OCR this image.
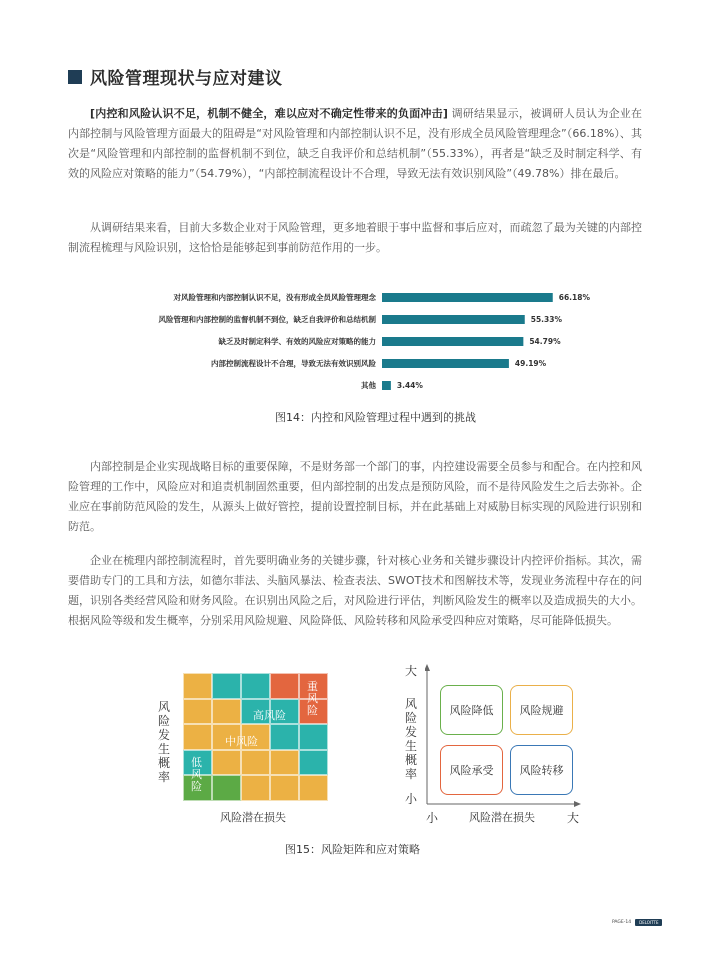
风险管理现状与应对建议

[内控和风险认识不足，机制不健全，难以应对不确定性带来的负面冲击] 调研结果显示，被调研人员认为企业在内部控制与风险管理方面最大的阻碍是“对风险管理和内部控制认识不足，没有形成全员风险管理理念”（66.18%）、其次是“风险管理和内部控制的监督机制不到位，缺乏自我评价和总结机制”（55.33%），再者是“缺乏及时制定科学、有效的风险应对策略的能力”（54.79%），“内部控制流程设计不合理，导致无法有效识别风险”（49.78%）排在最后。

从调研结果来看，目前大多数企业对于风险管理，更多地着眼于事中监督和事后应对，而疏忽了最为关键的内部控制流程梳理与风险识别，这恰恰是能够起到事前防范作用的一步。

对风险管理和内部控制认识不足，没有形成全员风险管理理念	66.18%
风险管理和内部控制的监督机制不到位，缺乏自我评价和总结机制	55.33%
缺乏及时制定科学、有效的风险应对策略的能力	54.79%
内部控制流程设计不合理，导致无法有效识别风险	49.19%
其他	3.44%
图14：内控和风险管理过程中遇到的挑战

内部控制是企业实现战略目标的重要保障，不是财务部一个部门的事，内控建设需要全员参与和配合。在内控和风险管理的工作中，风险应对和追责机制固然重要，但内部控制的出发点是预防风险，而不是待风险发生之后去弥补。企业应在事前防范风险的发生，从源头上做好管控，提前设置控制目标，并在此基础上对威胁目标实现的风险进行识别和防范。

企业在梳理内部控制流程时，首先要明确业务的关键步骤，针对核心业务和关键步骤设计内控评价指标。其次，需要借助专门的工具和方法，如德尔菲法、头脑风暴法、检查表法、SWOT技术和图解技术等，发现业务流程中存在的问题，识别各类经营风险和财务风险。在识别出风险之后，对风险进行评估，判断风险发生的概率以及造成损失的大小。根据风险等级和发生概率，分别采用风险规避、风险降低、风险转移和风险承受四种应对策略，尽可能降低损失。

风险发生概率
重风险
高风险
中风险
低风险
风险潜在损失
大
风险发生概率
小
小	风险潜在损失	大
风险降低	风险规避
风险承受	风险转移
图15：风险矩阵和应对策略
PAGE-14	DELOITTE
